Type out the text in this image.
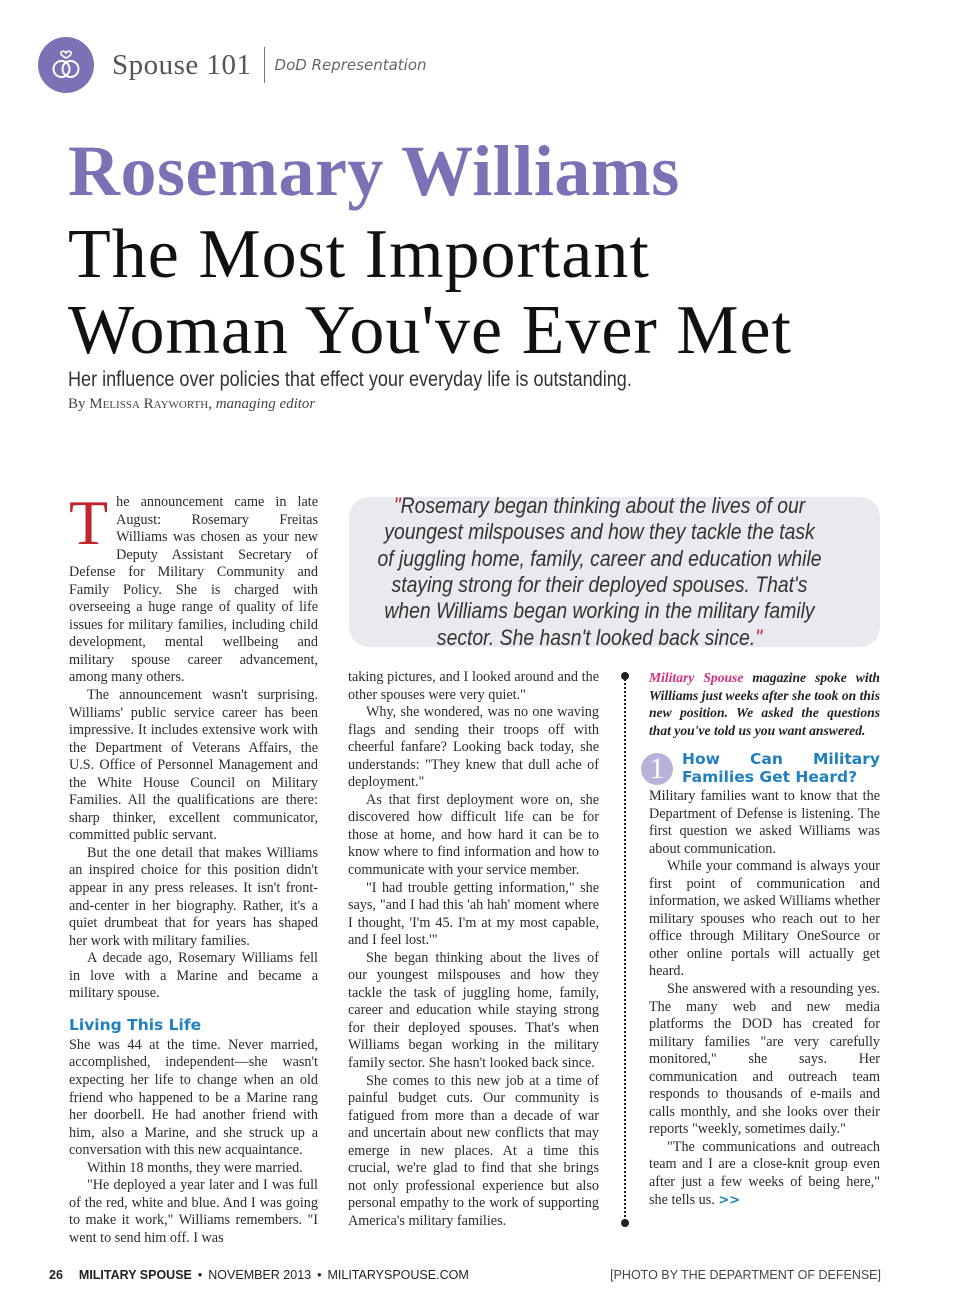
Spouse 101 DoD Representation
Rosemary Williams
The Most Important
Woman You've Ever Met
Her influence over policies that effect your everyday life is outstanding.
By Melissa Rayworth, managing editor
"Rosemary began thinking about the lives of our youngest milspouses and how they tackle the task of juggling home, family, career and education while staying strong for their deployed spouses. That's when Williams began working in the military family sector. She hasn't looked back since."

The announcement came in late August: Rosemary Freitas Williams was chosen as your new Deputy Assistant Secretary of Defense for Military Community and Family Policy. She is charged with overseeing a huge range of quality of life issues for military families, including child development, mental wellbeing and military spouse career advancement, among many others.

The announcement wasn't surprising. Williams' public service career has been impressive. It includes extensive work with the Department of Veterans Affairs, the U.S. Office of Personnel Management and the White House Council on Military Families. All the qualifications are there: sharp thinker, excellent communicator, committed public servant.

But the one detail that makes Williams an inspired choice for this position didn't appear in any press releases. It isn't front-and-center in her biography. Rather, it's a quiet drumbeat that for years has shaped her work with military families.

A decade ago, Rosemary Williams fell in love with a Marine and became a military spouse.

Living This Life

She was 44 at the time. Never married, accomplished, independent—she wasn't expecting her life to change when an old friend who happened to be a Marine rang her doorbell. He had another friend with him, also a Marine, and she struck up a conversation with this new acquaintance.

Within 18 months, they were married.

"He deployed a year later and I was full of the red, white and blue. And I was going to make it work," Williams remembers. "I went to send him off. I was

taking pictures, and I looked around and the other spouses were very quiet."

Why, she wondered, was no one waving flags and sending their troops off with cheerful fanfare? Looking back today, she understands: "They knew that dull ache of deployment."

As that first deployment wore on, she discovered how difficult life can be for those at home, and how hard it can be to know where to find information and how to communicate with your service member.

"I had trouble getting information," she says, "and I had this 'ah hah' moment where I thought, 'I'm 45. I'm at my most capable, and I feel lost.'"

She began thinking about the lives of our youngest milspouses and how they tackle the task of juggling home, family, career and education while staying strong for their deployed spouses. That's when Williams began working in the military family sector. She hasn't looked back since.

She comes to this new job at a time of painful budget cuts. Our community is fatigued from more than a decade of war and uncertain about new conflicts that may emerge in new places. At a time this crucial, we're glad to find that she brings not only professional experience but also personal empathy to the work of supporting America's military families.

Military Spouse magazine spoke with Williams just weeks after she took on this new position. We asked the questions that you've told us you want answered.

1	How Can Military Families Get Heard?

Military families want to know that the Department of Defense is listening. The first question we asked Williams was about communication.

While your command is always your first point of communication and information, we asked Williams whether military spouses who reach out to her office through Military OneSource or other online portals will actually get heard.

She answered with a resounding yes. The many web and new media platforms the DOD has created for military families "are very carefully monitored," she says. Her communication and outreach team responds to thousands of e-mails and calls monthly, and she looks over their reports "weekly, sometimes daily."

"The communications and outreach team and I are a close-knit group even after just a few weeks of being here," she tells us. >>

26 MILITARY SPOUSE • NOVEMBER 2013 • MILITARYSPOUSE.COM	[PHOTO BY THE DEPARTMENT OF DEFENSE]
